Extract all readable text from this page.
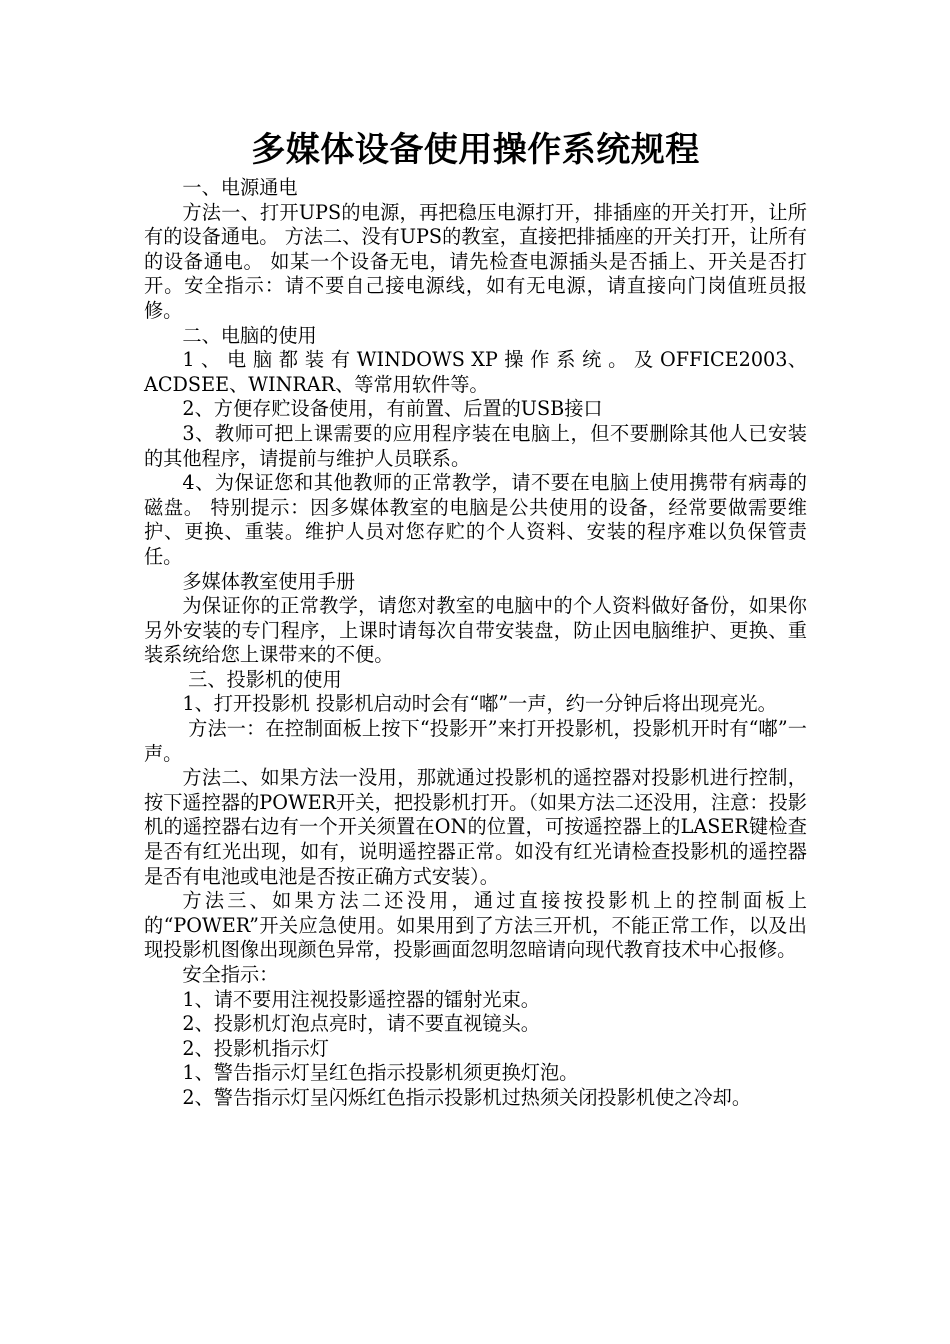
多媒体设备使用操作系统规程

一、电源通电

方法一、打开UPS的电源，再把稳压电源打开，排插座的开关打开，让所有的设备通电。 方法二、没有UPS的教室，直接把排插座的开关打开，让所有的设备通电。 如某一个设备无电，请先检查电源插头是否插上、开关是否打开。安全指示：请不要自己接电源线，如有无电源，请直接向门岗值班员报修。

二、电脑的使用

1 、 电 脑 都 装 有 WINDOWS XP 操 作 系 统 。 及 OFFICE2003、ACDSEE、WINRAR、等常用软件等。

2、方便存贮设备使用，有前置、后置的USB接口

3、教师可把上课需要的应用程序装在电脑上，但不要删除其他人已安装的其他程序，请提前与维护人员联系。

4、为保证您和其他教师的正常教学，请不要在电脑上使用携带有病毒的磁盘。 特别提示：因多媒体教室的电脑是公共使用的设备，经常要做需要维护、更换、重装。维护人员对您存贮的个人资料、安装的程序难以负保管责任。

多媒体教室使用手册

为保证你的正常教学，请您对教室的电脑中的个人资料做好备份，如果你另外安装的专门程序，上课时请每次自带安装盘，防止因电脑维护、更换、重装系统给您上课带来的不便。

三、投影机的使用

1、打开投影机 投影机启动时会有“嘟”一声，约一分钟后将出现亮光。

方法一：在控制面板上按下“投影开”来打开投影机，投影机开时有“嘟”一声。

方法二、如果方法一没用，那就通过投影机的遥控器对投影机进行控制，按下遥控器的POWER开关，把投影机打开。（如果方法二还没用，注意：投影机的遥控器右边有一个开关须置在ON的位置，可按遥控器上的LASER键检查是否有红光出现，如有，说明遥控器正常。如没有红光请检查投影机的遥控器是否有电池或电池是否按正确方式安装）。

方法三、如果方法二还没用，通过直接按投影机上的控制面板上的“POWER”开关应急使用。如果用到了方法三开机，不能正常工作，以及出现投影机图像出现颜色异常，投影画面忽明忽暗请向现代教育技术中心报修。

安全指示：

1、请不要用注视投影遥控器的镭射光束。

2、投影机灯泡点亮时，请不要直视镜头。

2、投影机指示灯

1、警告指示灯呈红色指示投影机须更换灯泡。

2、警告指示灯呈闪烁红色指示投影机过热须关闭投影机使之冷却。
